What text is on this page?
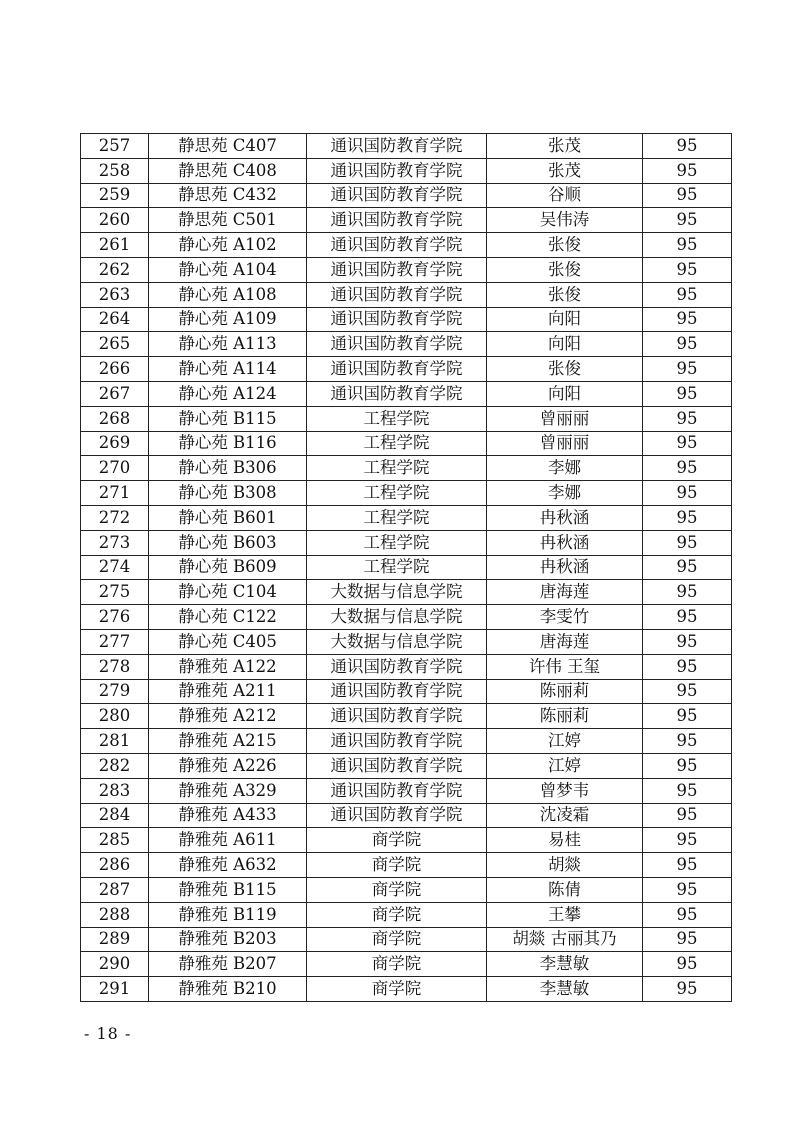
257	静思苑 C407	通识国防教育学院	张茂	95
258	静思苑 C408	通识国防教育学院	张茂	95
259	静思苑 C432	通识国防教育学院	谷顺	95
260	静思苑 C501	通识国防教育学院	吴伟涛	95
261	静心苑 A102	通识国防教育学院	张俊	95
262	静心苑 A104	通识国防教育学院	张俊	95
263	静心苑 A108	通识国防教育学院	张俊	95
264	静心苑 A109	通识国防教育学院	向阳	95
265	静心苑 A113	通识国防教育学院	向阳	95
266	静心苑 A114	通识国防教育学院	张俊	95
267	静心苑 A124	通识国防教育学院	向阳	95
268	静心苑 B115	工程学院	曾丽丽	95
269	静心苑 B116	工程学院	曾丽丽	95
270	静心苑 B306	工程学院	李娜	95
271	静心苑 B308	工程学院	李娜	95
272	静心苑 B601	工程学院	冉秋涵	95
273	静心苑 B603	工程学院	冉秋涵	95
274	静心苑 B609	工程学院	冉秋涵	95
275	静心苑 C104	大数据与信息学院	唐海莲	95
276	静心苑 C122	大数据与信息学院	李雯竹	95
277	静心苑 C405	大数据与信息学院	唐海莲	95
278	静雅苑 A122	通识国防教育学院	许伟 王玺	95
279	静雅苑 A211	通识国防教育学院	陈丽莉	95
280	静雅苑 A212	通识国防教育学院	陈丽莉	95
281	静雅苑 A215	通识国防教育学院	江婷	95
282	静雅苑 A226	通识国防教育学院	江婷	95
283	静雅苑 A329	通识国防教育学院	曾梦韦	95
284	静雅苑 A433	通识国防教育学院	沈凌霜	95
285	静雅苑 A611	商学院	易桂	95
286	静雅苑 A632	商学院	胡燚	95
287	静雅苑 B115	商学院	陈倩	95
288	静雅苑 B119	商学院	王攀	95
289	静雅苑 B203	商学院	胡燚 古丽其乃	95
290	静雅苑 B207	商学院	李慧敏	95
291	静雅苑 B210	商学院	李慧敏	95
- 18 -
